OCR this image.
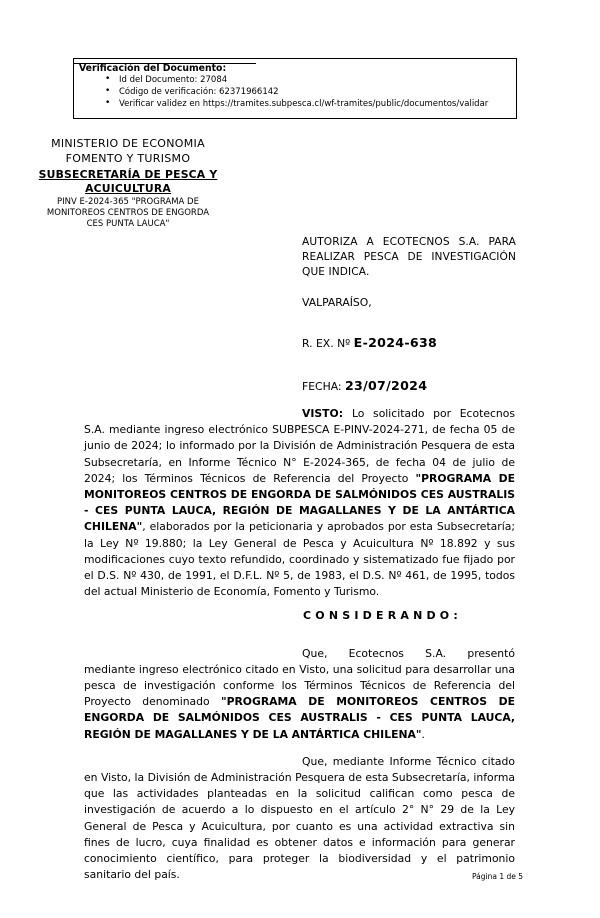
Verificación del Documento:
• Id del Documento: 27084
• Código de verificación: 62371966142
• Verificar validez en https://tramites.subpesca.cl/wf-tramites/public/documentos/validar
MINISTERIO DE ECONOMIA
FOMENTO Y TURISMO
SUBSECRETARÍA DE PESCA Y ACUICULTURA
PINV E-2024-365 "PROGRAMA DE MONITOREOS CENTROS DE ENGORDA CES PUNTA LAUCA"
AUTORIZA A ECOTECNOS S.A. PARA REALIZAR PESCA DE INVESTIGACIÓN QUE INDICA.
VALPARAÍSO,
R. EX. Nº E-2024-638
FECHA: 23/07/2024

VISTO: Lo solicitado por Ecotecnos S.A. mediante ingreso electrónico SUBPESCA E-PINV-2024-271, de fecha 05 de junio de 2024; lo informado por la División de Administración Pesquera de esta Subsecretaría, en Informe Técnico N° E-2024-365, de fecha 04 de julio de 2024; los Términos Técnicos de Referencia del Proyecto "PROGRAMA DE MONITOREOS CENTROS DE ENGORDA DE SALMÓNIDOS CES AUSTRALIS - CES PUNTA LAUCA, REGIÓN DE MAGALLANES Y DE LA ANTÁRTICA CHILENA", elaborados por la peticionaria y aprobados por esta Subsecretaría; la Ley Nº 19.880; la Ley General de Pesca y Acuicultura Nº 18.892 y sus modificaciones cuyo texto refundido, coordinado y sistematizado fue fijado por el D.S. Nº 430, de 1991, el D.F.L. Nº 5, de 1983, el D.S. Nº 461, de 1995, todos del actual Ministerio de Economía, Fomento y Turismo.

CONSIDERANDO:

Que, Ecotecnos S.A. presentó mediante ingreso electrónico citado en Visto, una solicitud para desarrollar una pesca de investigación conforme los Términos Técnicos de Referencia del Proyecto denominado "PROGRAMA DE MONITOREOS CENTROS DE ENGORDA DE SALMÓNIDOS CES AUSTRALIS - CES PUNTA LAUCA, REGIÓN DE MAGALLANES Y DE LA ANTÁRTICA CHILENA".

Que, mediante Informe Técnico citado en Visto, la División de Administración Pesquera de esta Subsecretaría, informa que las actividades planteadas en la solicitud califican como pesca de investigación de acuerdo a lo dispuesto en el artículo 2° N° 29 de la Ley General de Pesca y Acuicultura, por cuanto es una actividad extractiva sin fines de lucro, cuya finalidad es obtener datos e información para generar conocimiento científico, para proteger la biodiversidad y el patrimonio sanitario del país.	Página 1 de 5
